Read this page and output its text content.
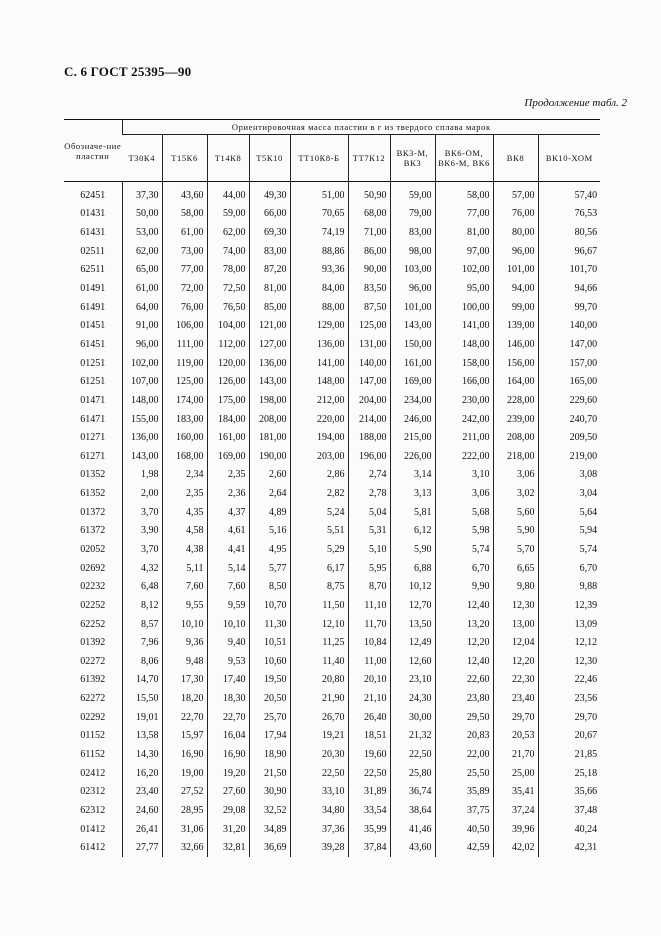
С. 6 ГОСТ 25395—90
Продолжение табл. 2
Обозначе-ние пластин	Ориентировочная масса пластин в г из твердого сплава марок									
	Т30К4	Т15К6	Т14К8	Т5К10	ТТ10К8-Б	ТТ7К12	ВК3-М, ВК3	ВК6-ОМ, ВК6-М, ВК6	ВК8	ВК10-ХОМ
62451	37,30	43,60	44,00	49,30	51,00	50,90	59,00	58,00	57,00	57,40
01431	50,00	58,00	59,00	66,00	70,65	68,00	79,00	77,00	76,00	76,53
61431	53,00	61,00	62,00	69,30	74,19	71,00	83,00	81,00	80,00	80,56
02511	62,00	73,00	74,00	83,00	88,86	86,00	98,00	97,00	96,00	96,67
62511	65,00	77,00	78,00	87,20	93,36	90,00	103,00	102,00	101,00	101,70
01491	61,00	72,00	72,50	81,00	84,00	83,50	96,00	95,00	94,00	94,66
61491	64,00	76,00	76,50	85,00	88,00	87,50	101,00	100,00	99,00	99,70
01451	91,00	106,00	104,00	121,00	129,00	125,00	143,00	141,00	139,00	140,00
61451	96,00	111,00	112,00	127,00	136,00	131,00	150,00	148,00	146,00	147,00
01251	102,00	119,00	120,00	136,00	141,00	140,00	161,00	158,00	156,00	157,00
61251	107,00	125,00	126,00	143,00	148,00	147,00	169,00	166,00	164,00	165,00
01471	148,00	174,00	175,00	198,00	212,00	204,00	234,00	230,00	228,00	229,60
61471	155,00	183,00	184,00	208,00	220,00	214,00	246,00	242,00	239,00	240,70
01271	136,00	160,00	161,00	181,00	194,00	188,00	215,00	211,00	208,00	209,50
61271	143,00	168,00	169,00	190,00	203,00	196,00	226,00	222,00	218,00	219,00
01352	1,98	2,34	2,35	2,60	2,86	2,74	3,14	3,10	3,06	3,08
61352	2,00	2,35	2,36	2,64	2,82	2,78	3,13	3,06	3,02	3,04
01372	3,70	4,35	4,37	4,89	5,24	5,04	5,81	5,68	5,60	5,64
61372	3,90	4,58	4,61	5,16	5,51	5,31	6,12	5,98	5,90	5,94
02052	3,70	4,38	4,41	4,95	5,29	5,10	5,90	5,74	5,70	5,74
02692	4,32	5,11	5,14	5,77	6,17	5,95	6,88	6,70	6,65	6,70
02232	6,48	7,60	7,60	8,50	8,75	8,70	10,12	9,90	9,80	9,88
02252	8,12	9,55	9,59	10,70	11,50	11,10	12,70	12,40	12,30	12,39
62252	8,57	10,10	10,10	11,30	12,10	11,70	13,50	13,20	13,00	13,09
01392	7,96	9,36	9,40	10,51	11,25	10,84	12,49	12,20	12,04	12,12
02272	8,06	9,48	9,53	10,60	11,40	11,00	12,60	12,40	12,20	12,30
61392	14,70	17,30	17,40	19,50	20,80	20,10	23,10	22,60	22,30	22,46
62272	15,50	18,20	18,30	20,50	21,90	21,10	24,30	23,80	23,40	23,56
02292	19,01	22,70	22,70	25,70	26,70	26,40	30,00	29,50	29,70	29,70
01152	13,58	15,97	16,04	17,94	19,21	18,51	21,32	20,83	20,53	20,67
61152	14,30	16,90	16,90	18,90	20,30	19,60	22,50	22,00	21,70	21,85
02412	16,20	19,00	19,20	21,50	22,50	22,50	25,80	25,50	25,00	25,18
02312	23,40	27,52	27,60	30,90	33,10	31,89	36,74	35,89	35,41	35,66
62312	24,60	28,95	29,08	32,52	34,80	33,54	38,64	37,75	37,24	37,48
01412	26,41	31,06	31,20	34,89	37,36	35,99	41,46	40,50	39,96	40,24
61412	27,77	32,66	32,81	36,69	39,28	37,84	43,60	42,59	42,02	42,31
